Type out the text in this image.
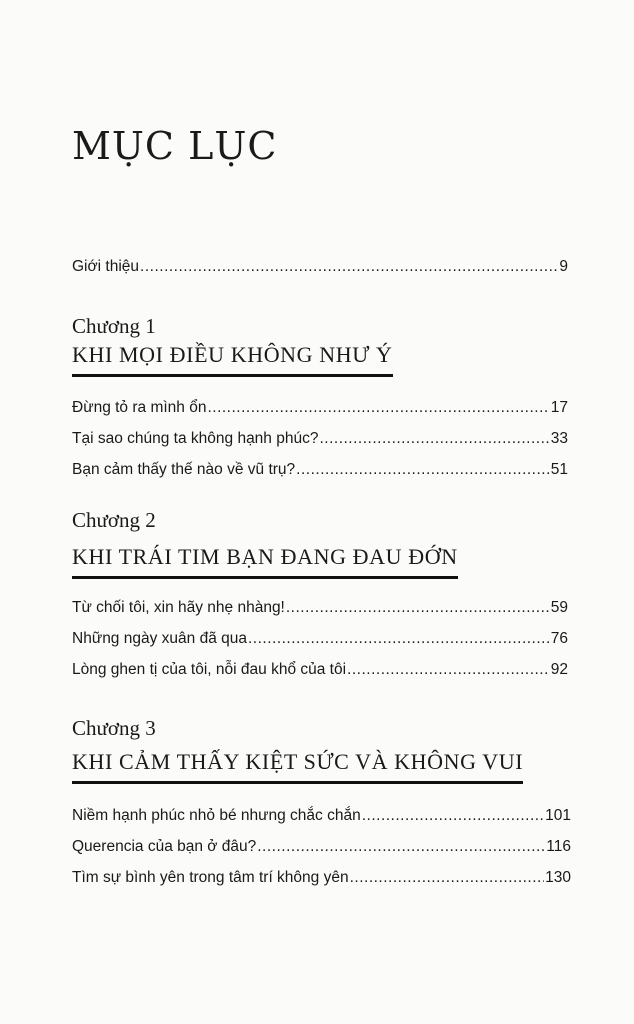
MỤC LỤC
Giới thiệu .....	9
Chương 1
KHI MỌI ĐIỀU KHÔNG NHƯ Ý
Đừng tỏ ra mình ổn .....	17
Tại sao chúng ta không hạnh phúc? .....	33
Bạn cảm thấy thế nào về vũ trụ? .....	51
Chương 2
KHI TRÁI TIM BẠN ĐANG ĐAU ĐỚN
Từ chối tôi, xin hãy nhẹ nhàng! .....	59
Những ngày xuân đã qua .....	76
Lòng ghen tị của tôi, nỗi đau khổ của tôi .....	92
Chương 3
KHI CẢM THẤY KIỆT SỨC VÀ KHÔNG VUI
Niềm hạnh phúc nhỏ bé nhưng chắc chắn .....	101
Querencia của bạn ở đâu? .....	116
Tìm sự bình yên trong tâm trí không yên .....	130
